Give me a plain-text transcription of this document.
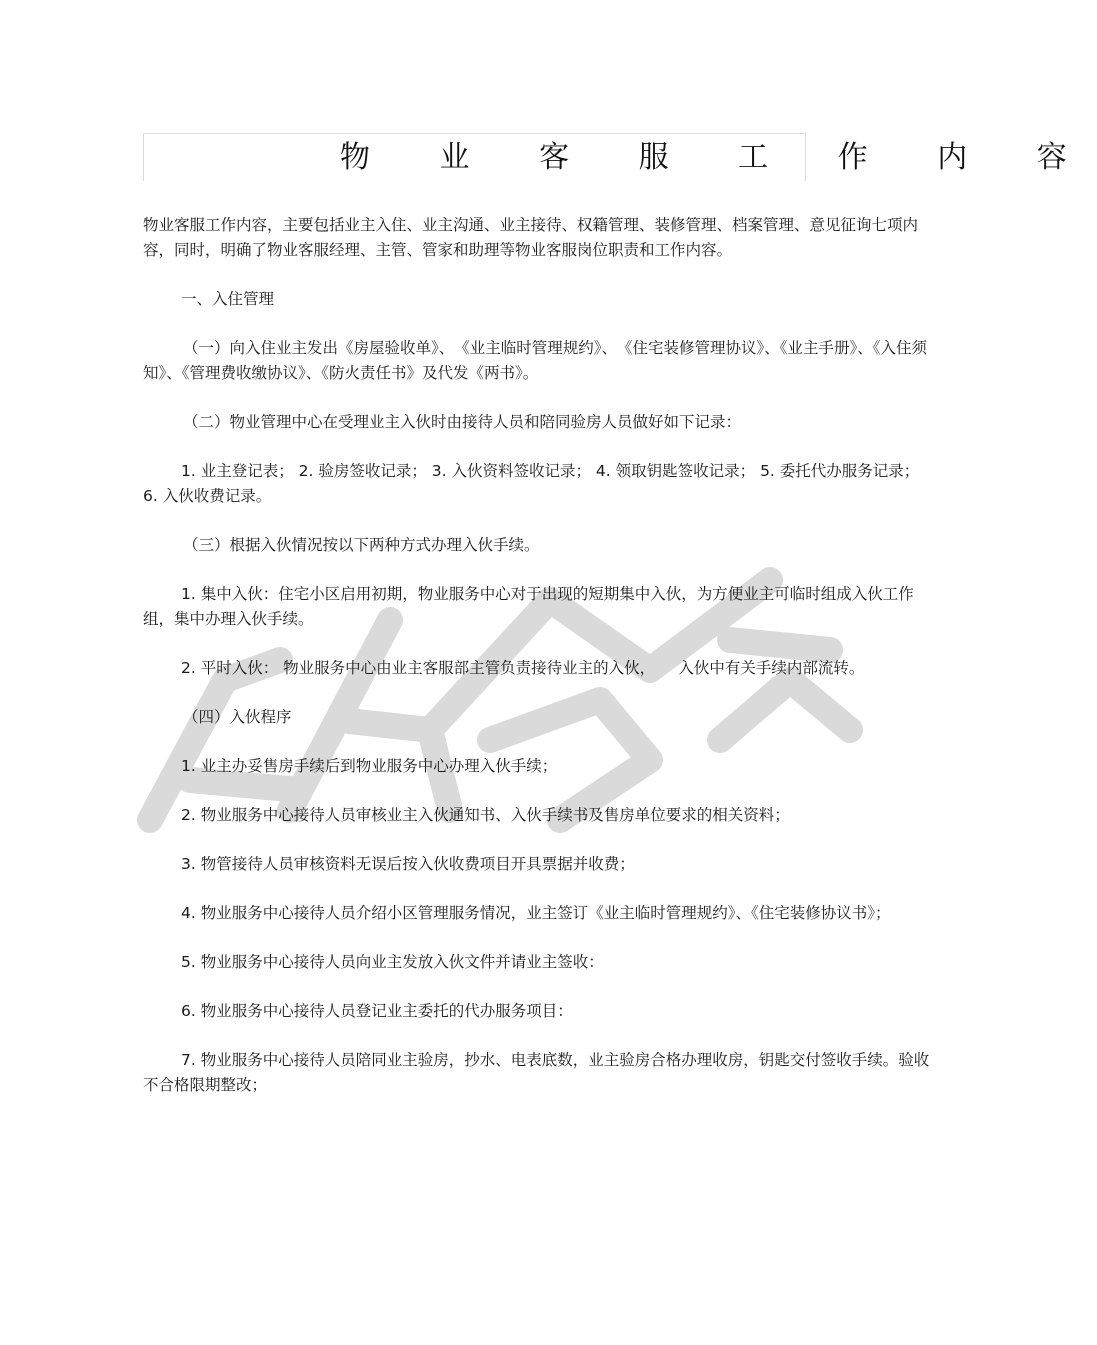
物 业 客 服 工 作 内 容

物业客服工作内容，主要包括业主入住、业主沟通、业主接待、权籍管理、装修管理、档案管理、意见征询七项内容，同时，明确了物业客服经理、主管、管家和助理等物业客服岗位职责和工作内容。

一、入住管理

（一）向入住业主发出《房屋验收单》、　《业主临时管理规约》、　《住宅装修管理协议》、《业主手册》、《入住须知》、《管理费收缴协议》、《防火责任书》及代发《两书》。

（二）物业管理中心在受理业主入伙时由接待人员和陪同验房人员做好如下记录：

1. 业主登记表； 2. 验房签收记录； 3. 入伙资料签收记录； 4. 领取钥匙签收记录； 5. 委托代办服务记录； 6. 入伙收费记录。

（三）根据入伙情况按以下两种方式办理入伙手续。

1. 集中入伙：住宅小区启用初期，物业服务中心对于出现的短期集中入伙，为方便业主可临时组成入伙工作组，集中办理入伙手续。

2. 平时入伙： 物业服务中心由业主客服部主管负责接待业主的入伙，　　入伙中有关手续内部流转。

（四）入伙程序

1. 业主办妥售房手续后到物业服务中心办理入伙手续；

2. 物业服务中心接待人员审核业主入伙通知书、入伙手续书及售房单位要求的相关资料；

3. 物管接待人员审核资料无误后按入伙收费项目开具票据并收费；

4. 物业服务中心接待人员介绍小区管理服务情况，业主签订《业主临时管理规约》、《住宅装修协议书》；

5. 物业服务中心接待人员向业主发放入伙文件并请业主签收：

6. 物业服务中心接待人员登记业主委托的代办服务项目：

7. 物业服务中心接待人员陪同业主验房，抄水、电表底数，业主验房合格办理收房，钥匙交付签收手续。验收不合格限期整改；
